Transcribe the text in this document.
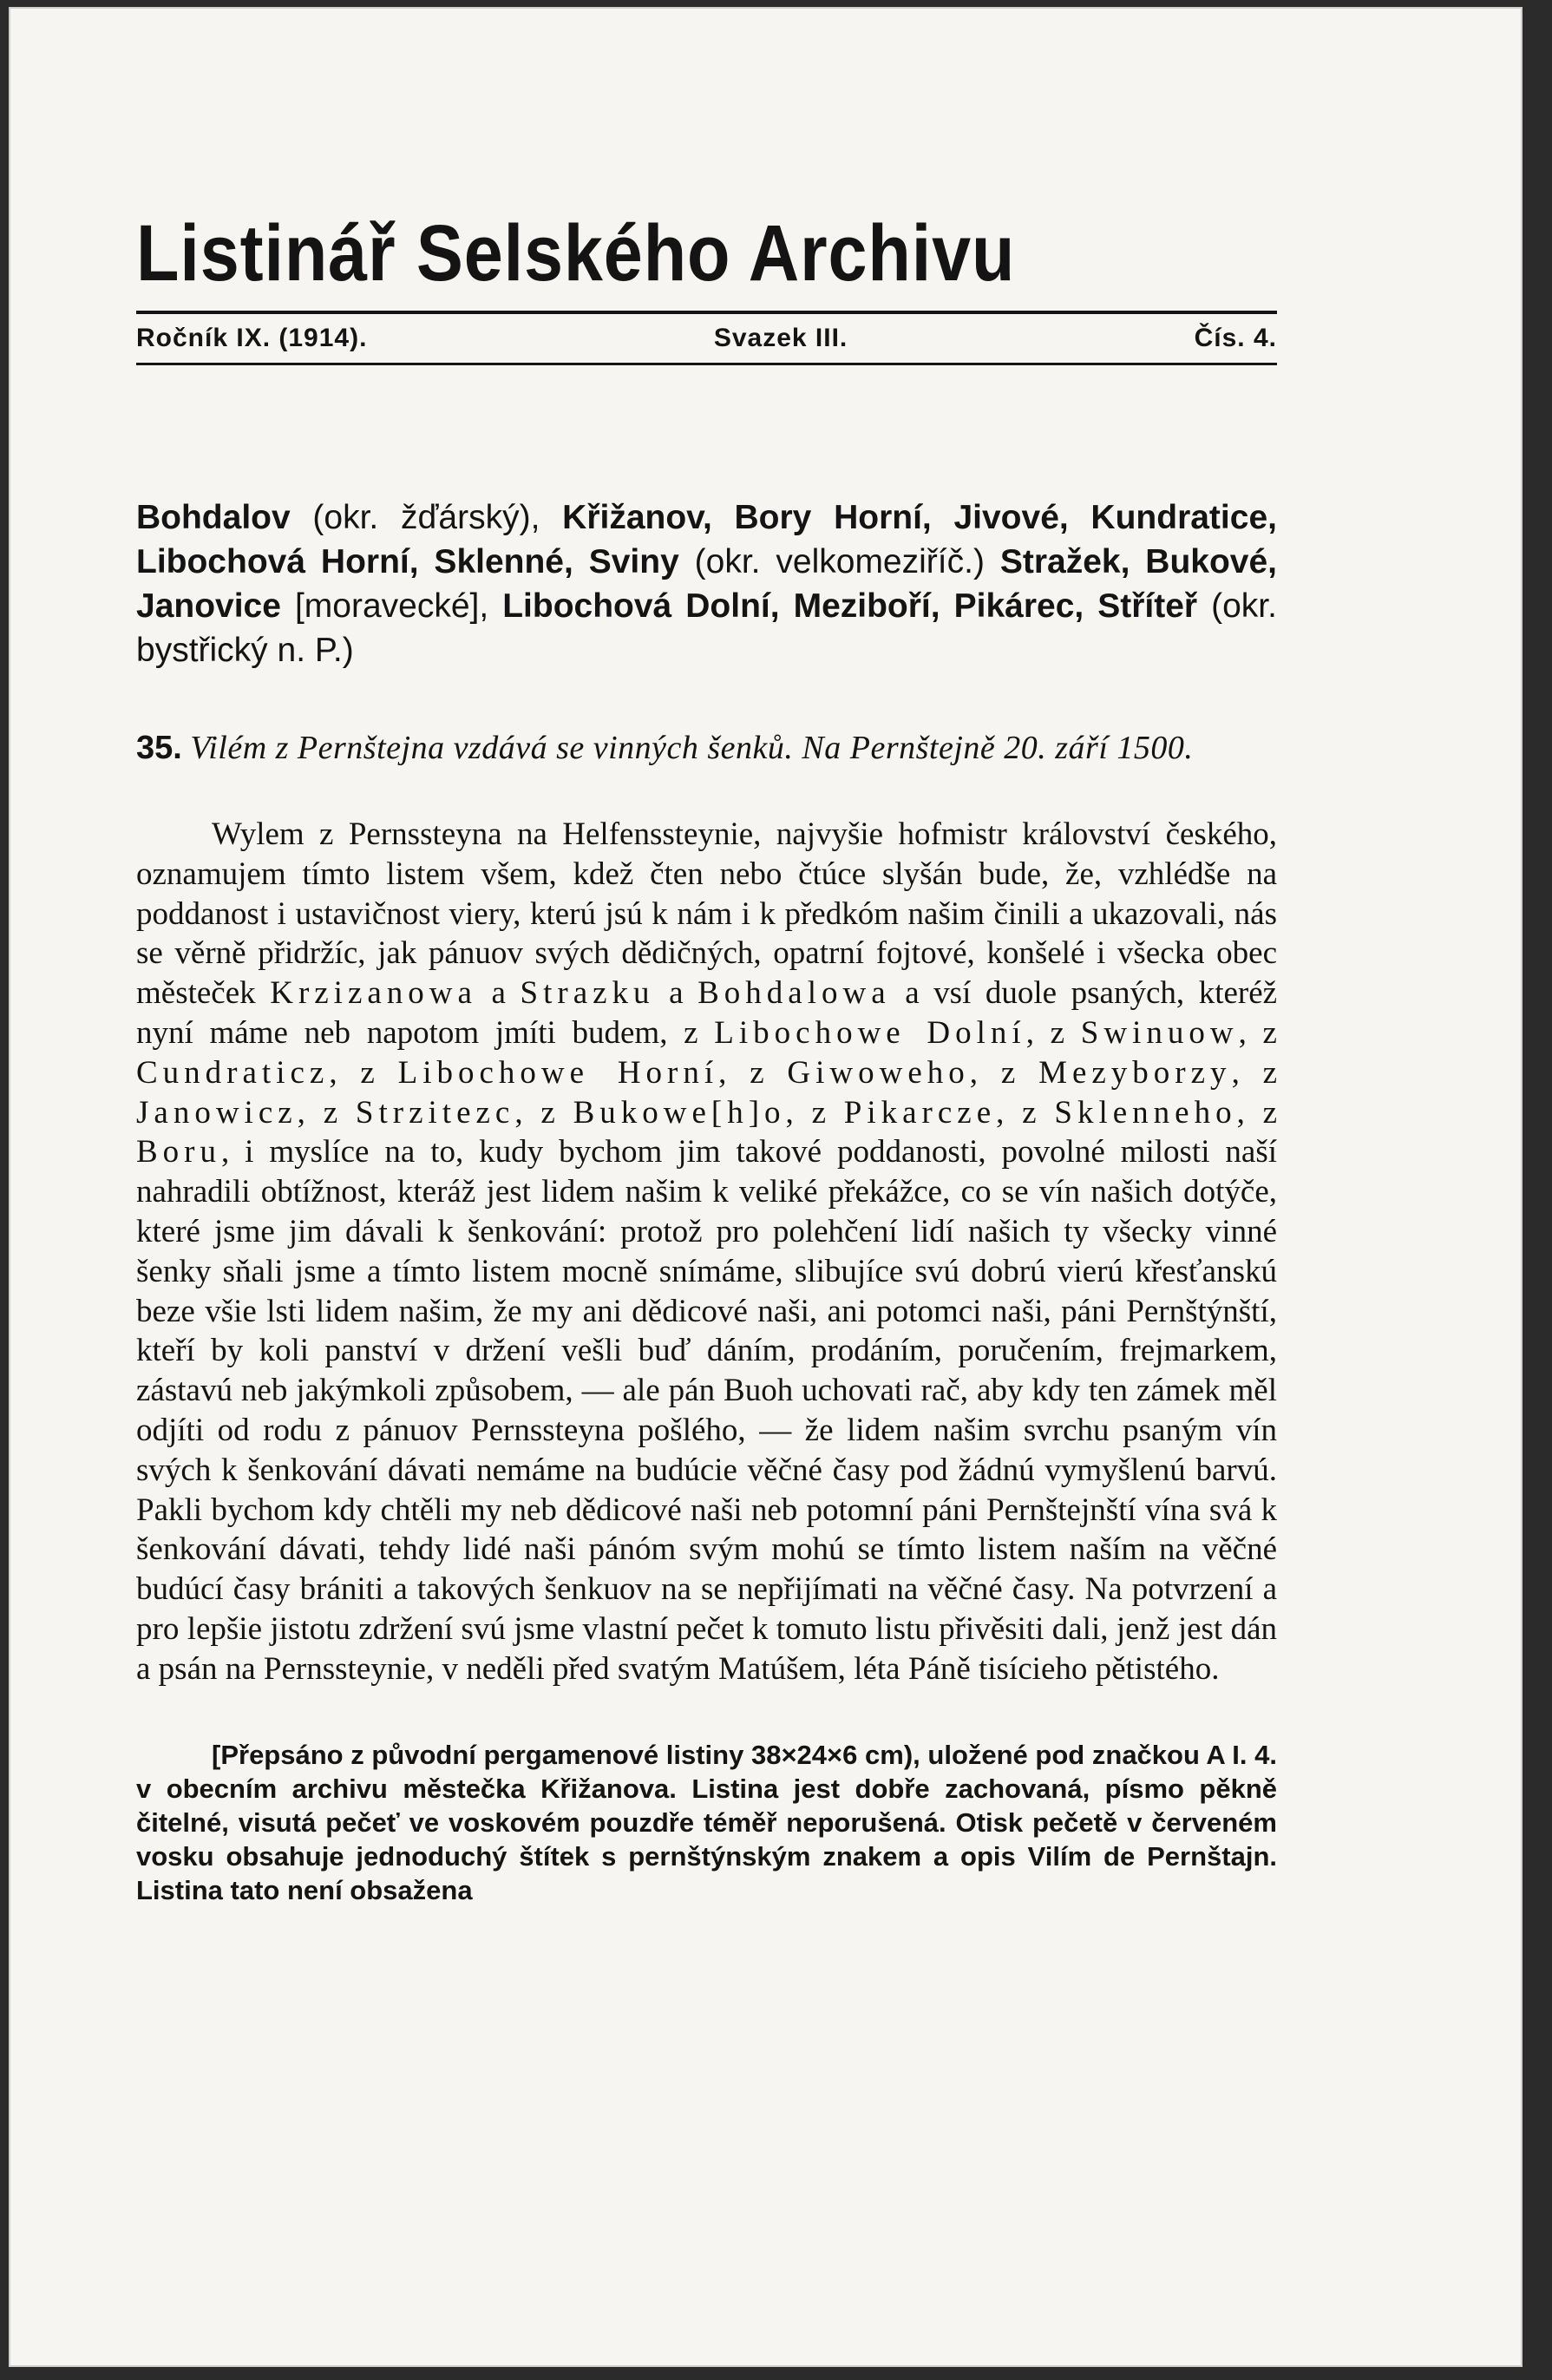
Listinář Selského Archivu
Ročník IX. (1914).	Svazek III.	Čís. 4.

Bohdalov (okr. žďárský), Křižanov, Bory Horní, Jivové, Kundratice, Libochová Horní, Sklenné, Sviny (okr. velkomeziříč.) Stražek, Bukové, Janovice [moravecké], Libochová Dolní, Meziboří, Pikárec, Stříteř (okr. bystřický n. P.)

35. Vilém z Pernštejna vzdává se vinných šenků. Na Pernštejně 20. září 1500.

Wylem z Pernssteyna na Helfenssteynie, najvyšie hofmistr království českého, oznamujem tímto listem všem, kdež čten nebo čtúce slyšán bude, že, vzhlédše na poddanost i ustavičnost viery, kterú jsú k nám i k předkóm našim činili a ukazovali, nás se věrně přidržíc, jak pánuov svých dědičných, opatrní fojtové, konšelé i všecka obec městeček Krzizanowa a Strazku a Bohdalowa a vsí duole psaných, kteréž nyní máme neb napotom jmíti budem, z Libochowe Dolní, z Swinuow, z Cundraticz, z Libochowe Horní, z Giwoweho, z Mezyborzy, z Janowicz, z Strzitezc, z Bukowe[h]o, z Pikarcze, z Sklenneho, z Boru, i myslíce na to, kudy bychom jim takové poddanosti, povolné milosti naší nahradili obtížnost, kteráž jest lidem našim k veliké překážce, co se vín našich dotýče, které jsme jim dávali k šenkování: protož pro polehčení lidí našich ty všecky vinné šenky sňali jsme a tímto listem mocně snímáme, slibujíce svú dobrú vierú křesťanskú beze všie lsti lidem našim, že my ani dědicové naši, ani potomci naši, páni Pernštýnští, kteří by koli panství v držení vešli buď dáním, prodáním, poručením, frejmarkem, zástavú neb jakýmkoli způsobem, — ale pán Buoh uchovati rač, aby kdy ten zámek měl odjíti od rodu z pánuov Pernssteyna pošlého, — že lidem našim svrchu psaným vín svých k šenkování dávati nemáme na budúcie věčné časy pod žádnú vymyšlenú barvú. Pakli bychom kdy chtěli my neb dědicové naši neb potomní páni Pernštejnští vína svá k šenkování dávati, tehdy lidé naši pánóm svým mohú se tímto listem naším na věčné budúcí časy brániti a takových šenkuov na se nepřijímati na věčné časy. Na potvrzení a pro lepšie jistotu zdržení svú jsme vlastní pečet k tomuto listu přivěsiti dali, jenž jest dán a psán na Pernssteynie, v neděli před svatým Matúšem, léta Páně tisícieho pětistého.

[Přepsáno z původní pergamenové listiny 38×24×6 cm), uložené pod značkou A I. 4. v obecním archivu městečka Křižanova. Listina jest dobře zachovaná, písmo pěkně čitelné, visutá pečeť ve voskovém pouzdře téměř neporušená. Otisk pečetě v červeném vosku obsahuje jednoduchý štítek s pernštýnským znakem a opis Vilím de Pernštajn. Listina tato není obsažena
